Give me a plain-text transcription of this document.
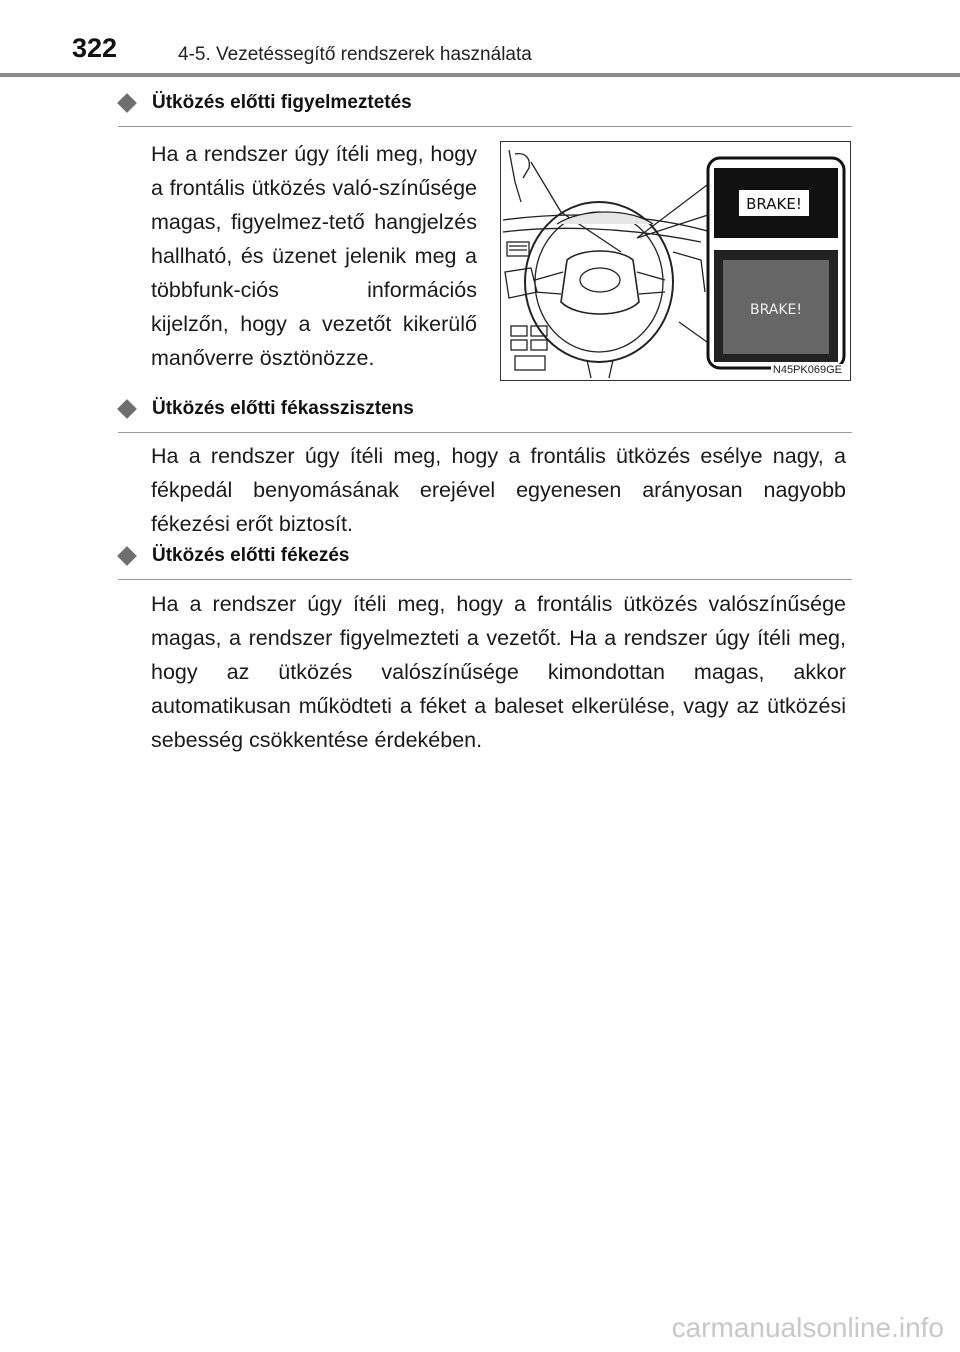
322	4-5. Vezetéssegítő rendszerek használata
Ütközés előtti figyelmeztetés
Ha a rendszer úgy ítéli meg, hogy a frontális ütközés való-színűsége magas, figyelmez-tető hangjelzés hallható, és üzenet jelenik meg a többfunk-ciós információs kijelzőn, hogy a vezetőt kikerülő manőverre ösztönözze.
BRAKE!
BRAKE!
N45PK069GE
Ütközés előtti fékasszisztens
Ha a rendszer úgy ítéli meg, hogy a frontális ütközés esélye nagy, a fékpedál benyomásának erejével egyenesen arányosan nagyobb fékezési erőt biztosít.
Ütközés előtti fékezés
Ha a rendszer úgy ítéli meg, hogy a frontális ütközés valószínűsége magas, a rendszer figyelmezteti a vezetőt. Ha a rendszer úgy ítéli meg, hogy az ütközés valószínűsége kimondottan magas, akkor automatikusan működteti a féket a baleset elkerülése, vagy az ütközési sebesség csökkentése érdekében.
carmanualsonline.info
